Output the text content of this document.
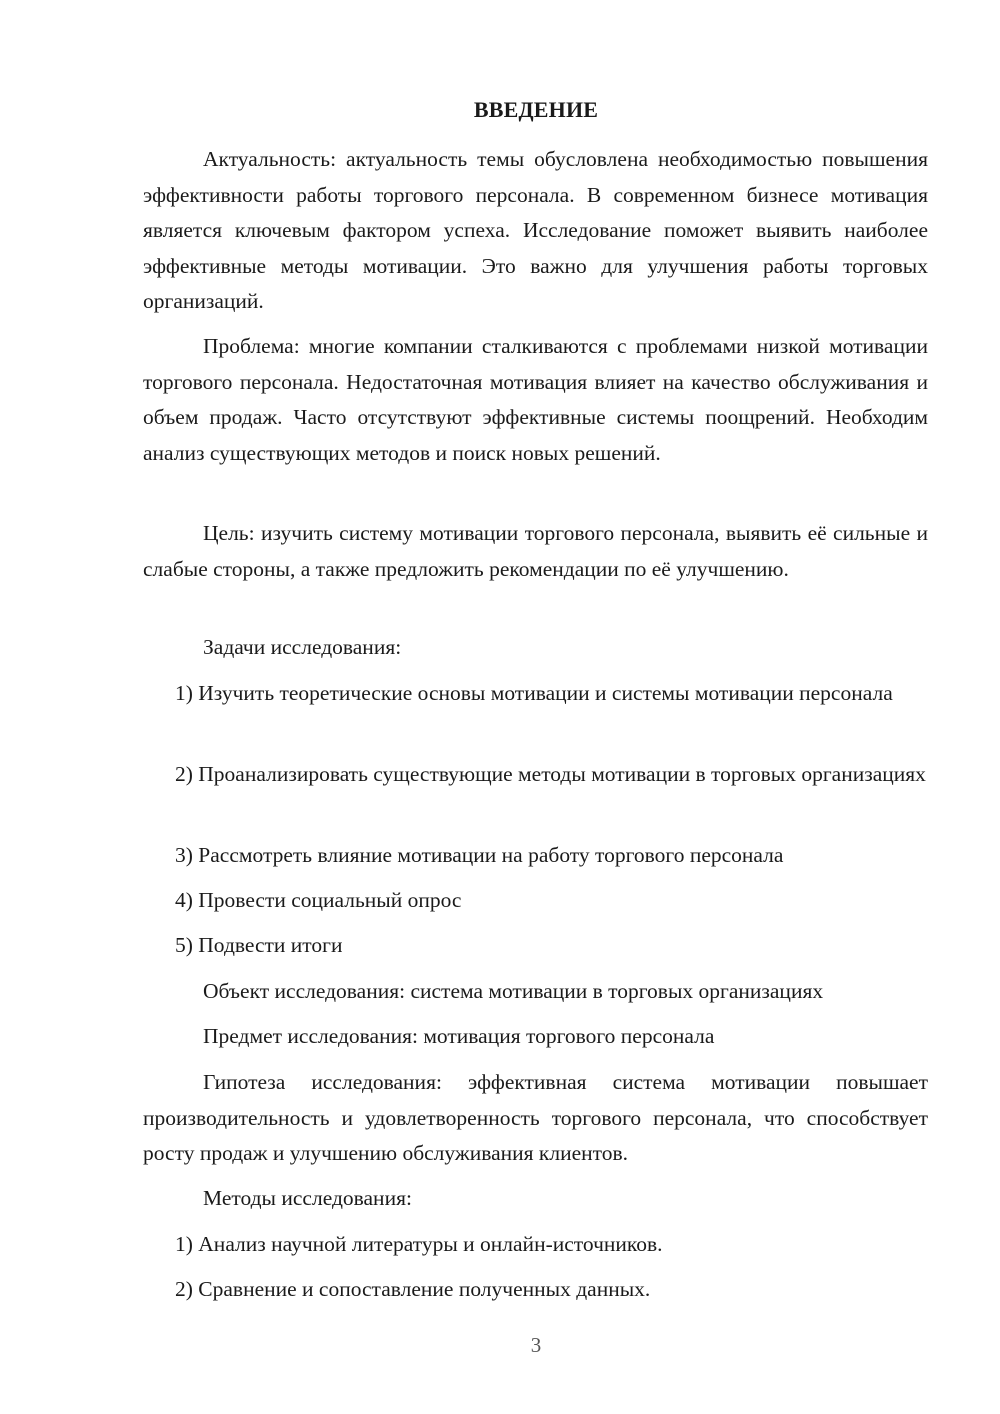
ВВЕДЕНИЕ

Актуальность: актуальность темы обусловлена необходимостью повышения эффективности работы торгового персонала. В современном бизнесе мотивация является ключевым фактором успеха. Исследование поможет выявить наиболее эффективные методы мотивации. Это важно для улучшения работы торговых организаций.

Проблема: многие компании сталкиваются с проблемами низкой мотивации торгового персонала. Недостаточная мотивация влияет на качество обслуживания и объем продаж. Часто отсутствуют эффективные системы поощрений. Необходим анализ существующих методов и поиск новых решений.

Цель: изучить систему мотивации торгового персонала, выявить её сильные и слабые стороны, а также предложить рекомендации по её улучшению.

Задачи исследования:

1) Изучить теоретические основы мотивации и системы мотивации персонала

2) Проанализировать существующие методы мотивации в торговых организациях

3) Рассмотреть влияние мотивации на работу торгового персонала

4) Провести социальный опрос

5) Подвести итоги

Объект исследования: система мотивации в торговых организациях

Предмет исследования: мотивация торгового персонала

Гипотеза исследования: эффективная система мотивации повышает производительность и удовлетворенность торгового персонала, что способствует росту продаж и улучшению обслуживания клиентов.

Методы исследования:

1) Анализ научной литературы и онлайн-источников.

2) Сравнение и сопоставление полученных данных.

3
